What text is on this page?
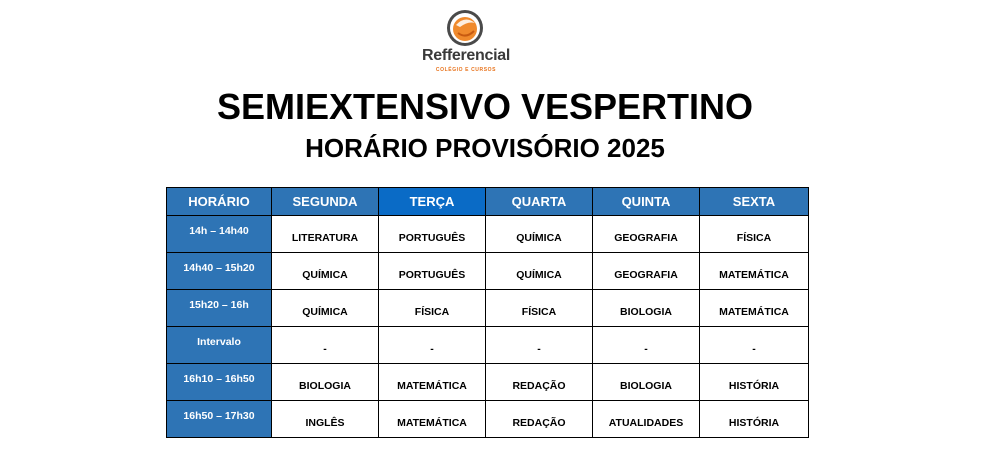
Refferencial
COLÉGIO E CURSOS
SEMIEXTENSIVO VESPERTINO
HORÁRIO PROVISÓRIO 2025
HORÁRIO	SEGUNDA	TERÇA	QUARTA	QUINTA	SEXTA
14h – 14h40	LITERATURA	PORTUGUÊS	QUÍMICA	GEOGRAFIA	FÍSICA
14h40 – 15h20	QUÍMICA	PORTUGUÊS	QUÍMICA	GEOGRAFIA	MATEMÁTICA
15h20 – 16h	QUÍMICA	FÍSICA	FÍSICA	BIOLOGIA	MATEMÁTICA
Intervalo	-	-	-	-	-
16h10 – 16h50	BIOLOGIA	MATEMÁTICA	REDAÇÃO	BIOLOGIA	HISTÓRIA
16h50 – 17h30	INGLÊS	MATEMÁTICA	REDAÇÃO	ATUALIDADES	HISTÓRIA
